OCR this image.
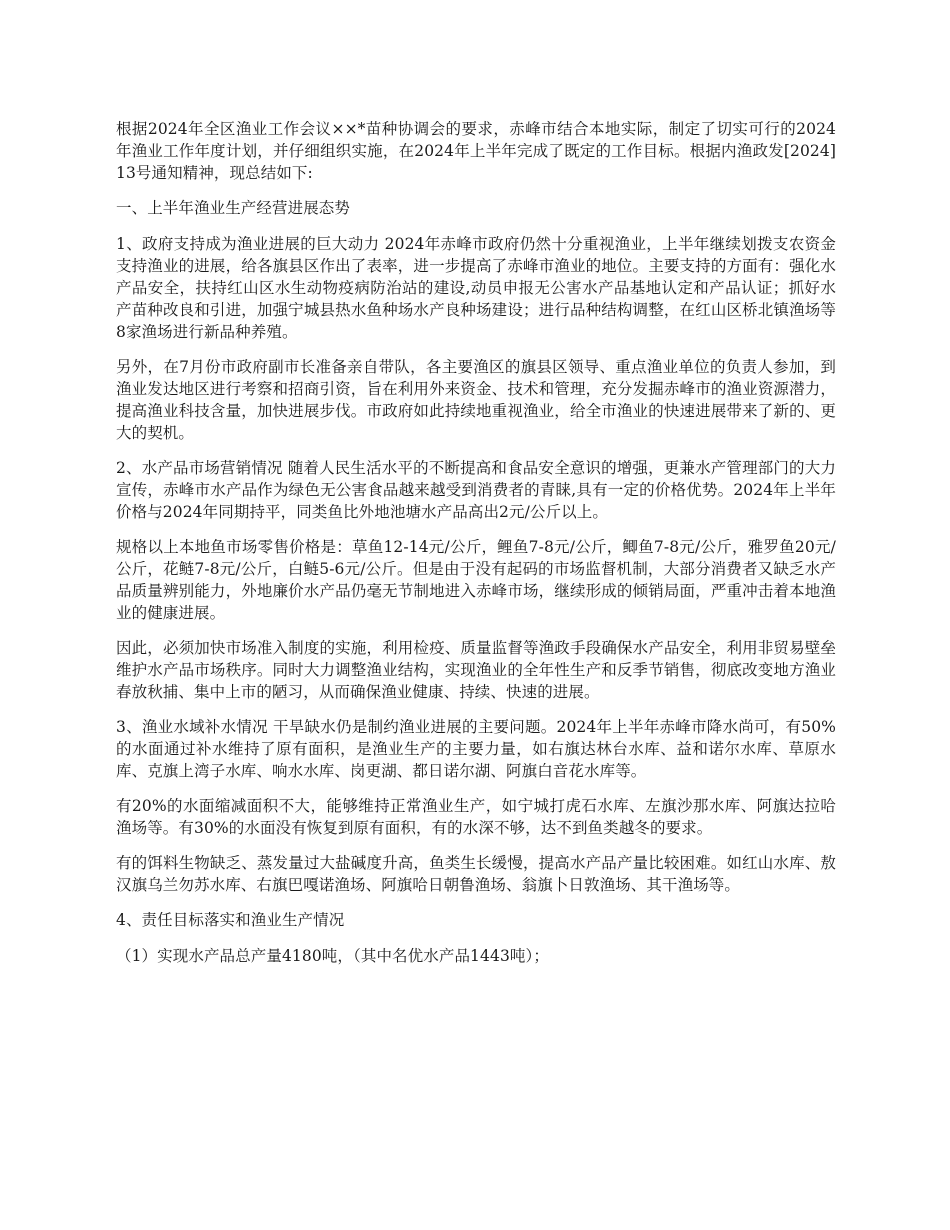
根据2024年全区渔业工作会议××*苗种协调会的要求，赤峰市结合本地实际，制定了切实可行的2024年渔业工作年度计划，并仔细组织实施，在2024年上半年完成了既定的工作目标。根据内渔政发[2024]13号通知精神，现总结如下:

一、上半年渔业生产经营进展态势

1、政府支持成为渔业进展的巨大动力 2024年赤峰市政府仍然十分重视渔业，上半年继续划拨支农资金支持渔业的进展，给各旗县区作出了表率，进一步提高了赤峰市渔业的地位。主要支持的方面有：强化水产品安全，扶持红山区水生动物疫病防治站的建设,动员申报无公害水产品基地认定和产品认证；抓好水产苗种改良和引进，加强宁城县热水鱼种场水产良种场建设；进行品种结构调整，在红山区桥北镇渔场等8家渔场进行新品种养殖。

另外，在7月份市政府副市长准备亲自带队，各主要渔区的旗县区领导、重点渔业单位的负责人参加，到渔业发达地区进行考察和招商引资，旨在利用外来资金、技术和管理，充分发掘赤峰市的渔业资源潜力，提高渔业科技含量，加快进展步伐。市政府如此持续地重视渔业，给全市渔业的快速进展带来了新的、更大的契机。

2、水产品市场营销情况 随着人民生活水平的不断提高和食品安全意识的增强，更兼水产管理部门的大力宣传，赤峰市水产品作为绿色无公害食品越来越受到消费者的青睐,具有一定的价格优势。2024年上半年价格与2024年同期持平，同类鱼比外地池塘水产品高出2元/公斤以上。

规格以上本地鱼市场零售价格是：草鱼12-14元/公斤，鲤鱼7-8元/公斤，鲫鱼7-8元/公斤，雅罗鱼20元/公斤，花鲢7-8元/公斤，白鲢5-6元/公斤。但是由于没有起码的市场监督机制，大部分消费者又缺乏水产品质量辨别能力，外地廉价水产品仍毫无节制地进入赤峰市场，继续形成的倾销局面，严重冲击着本地渔业的健康进展。

因此，必须加快市场准入制度的实施，利用检疫、质量监督等渔政手段确保水产品安全，利用非贸易壁垒维护水产品市场秩序。同时大力调整渔业结构，实现渔业的全年性生产和反季节销售，彻底改变地方渔业春放秋捕、集中上市的陋习，从而确保渔业健康、持续、快速的进展。

3、渔业水域补水情况 干旱缺水仍是制约渔业进展的主要问题。2024年上半年赤峰市降水尚可，有50%的水面通过补水维持了原有面积，是渔业生产的主要力量，如右旗达林台水库、益和诺尔水库、草原水库、克旗上湾子水库、响水水库、岗更湖、都日诺尔湖、阿旗白音花水库等。

有20%的水面缩减面积不大，能够维持正常渔业生产，如宁城打虎石水库、左旗沙那水库、阿旗达拉哈渔场等。有30%的水面没有恢复到原有面积，有的水深不够，达不到鱼类越冬的要求。

有的饵料生物缺乏、蒸发量过大盐碱度升高，鱼类生长缓慢，提高水产品产量比较困难。如红山水库、敖汉旗乌兰勿苏水库、右旗巴嘎诺渔场、阿旗哈日朝鲁渔场、翁旗卜日敦渔场、其干渔场等。

4、责任目标落实和渔业生产情况

（1）实现水产品总产量4180吨，（其中名优水产品1443吨）；
